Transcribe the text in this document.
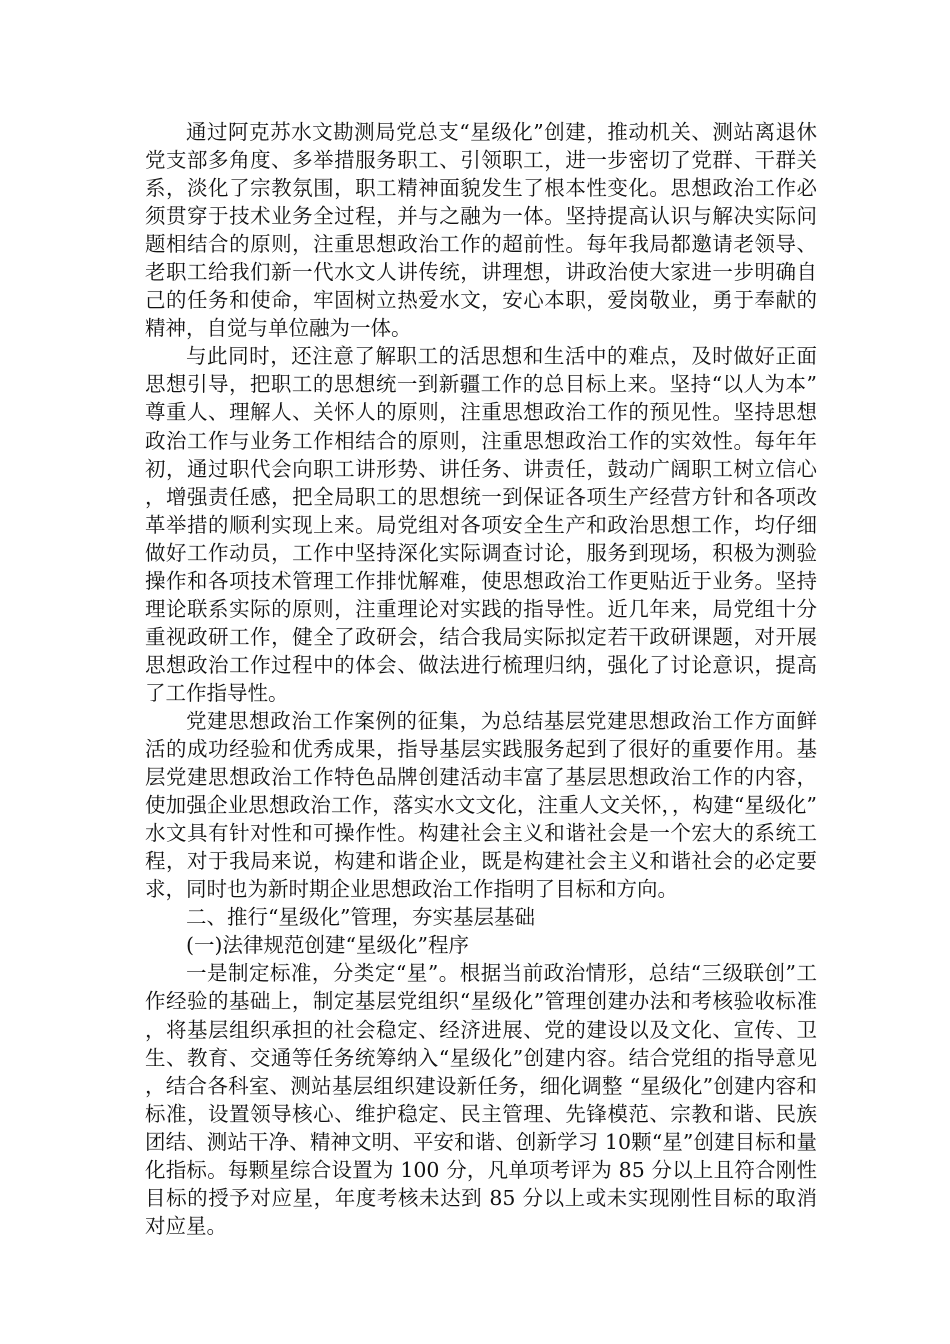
通过阿克苏水文勘测局党总支“星级化”创建，推动机关、测站离退休党支部多角度、多举措服务职工、引领职工，进一步密切了党群、干群关系，淡化了宗教氛围，职工精神面貌发生了根本性变化。思想政治工作必须贯穿于技术业务全过程，并与之融为一体。坚持提高认识与解决实际问题相结合的原则，注重思想政治工作的超前性。每年我局都邀请老领导、老职工给我们新一代水文人讲传统，讲理想，讲政治使大家进一步明确自己的任务和使命，牢固树立热爱水文，安心本职，爱岗敬业，勇于奉献的精神，自觉与单位融为一体。

与此同时，还注意了解职工的活思想和生活中的难点，及时做好正面思想引导，把职工的思想统一到新疆工作的总目标上来。坚持“以人为本”尊重人、理解人、关怀人的原则，注重思想政治工作的预见性。坚持思想政治工作与业务工作相结合的原则，注重思想政治工作的实效性。每年年初，通过职代会向职工讲形势、讲任务、讲责任，鼓动广阔职工树立信心，增强责任感，把全局职工的思想统一到保证各项生产经营方针和各项改革举措的顺利实现上来。局党组对各项安全生产和政治思想工作，均仔细做好工作动员，工作中坚持深化实际调查讨论，服务到现场，积极为测验操作和各项技术管理工作排忧解难，使思想政治工作更贴近于业务。坚持理论联系实际的原则，注重理论对实践的指导性。近几年来，局党组十分重视政研工作，健全了政研会，结合我局实际拟定若干政研课题，对开展思想政治工作过程中的体会、做法进行梳理归纳，强化了讨论意识，提高了工作指导性。

党建思想政治工作案例的征集，为总结基层党建思想政治工作方面鲜活的成功经验和优秀成果，指导基层实践服务起到了很好的重要作用。基层党建思想政治工作特色品牌创建活动丰富了基层思想政治工作的内容，使加强企业思想政治工作，落实水文文化，注重人文关怀，，构建“星级化”水文具有针对性和可操作性。构建社会主义和谐社会是一个宏大的系统工程，对于我局来说，构建和谐企业，既是构建社会主义和谐社会的必定要求，同时也为新时期企业思想政治工作指明了目标和方向。

二、推行“星级化”管理，夯实基层基础

(一)法律规范创建“星级化”程序

一是制定标准，分类定“星”。根据当前政治情形，总结“三级联创”工作经验的基础上，制定基层党组织“星级化”管理创建办法和考核验收标准，将基层组织承担的社会稳定、经济进展、党的建设以及文化、宣传、卫生、教育、交通等任务统筹纳入“星级化”创建内容。结合党组的指导意见，结合各科室、测站基层组织建设新任务，细化调整 “星级化”创建内容和标准，设置领导核心、维护稳定、民主管理、先锋模范、宗教和谐、民族团结、测站干净、精神文明、平安和谐、创新学习 10颗“星”创建目标和量化指标。每颗星综合设置为 100 分，凡单项考评为 85 分以上且符合刚性目标的授予对应星，年度考核未达到 85 分以上或未实现刚性目标的取消对应星。
